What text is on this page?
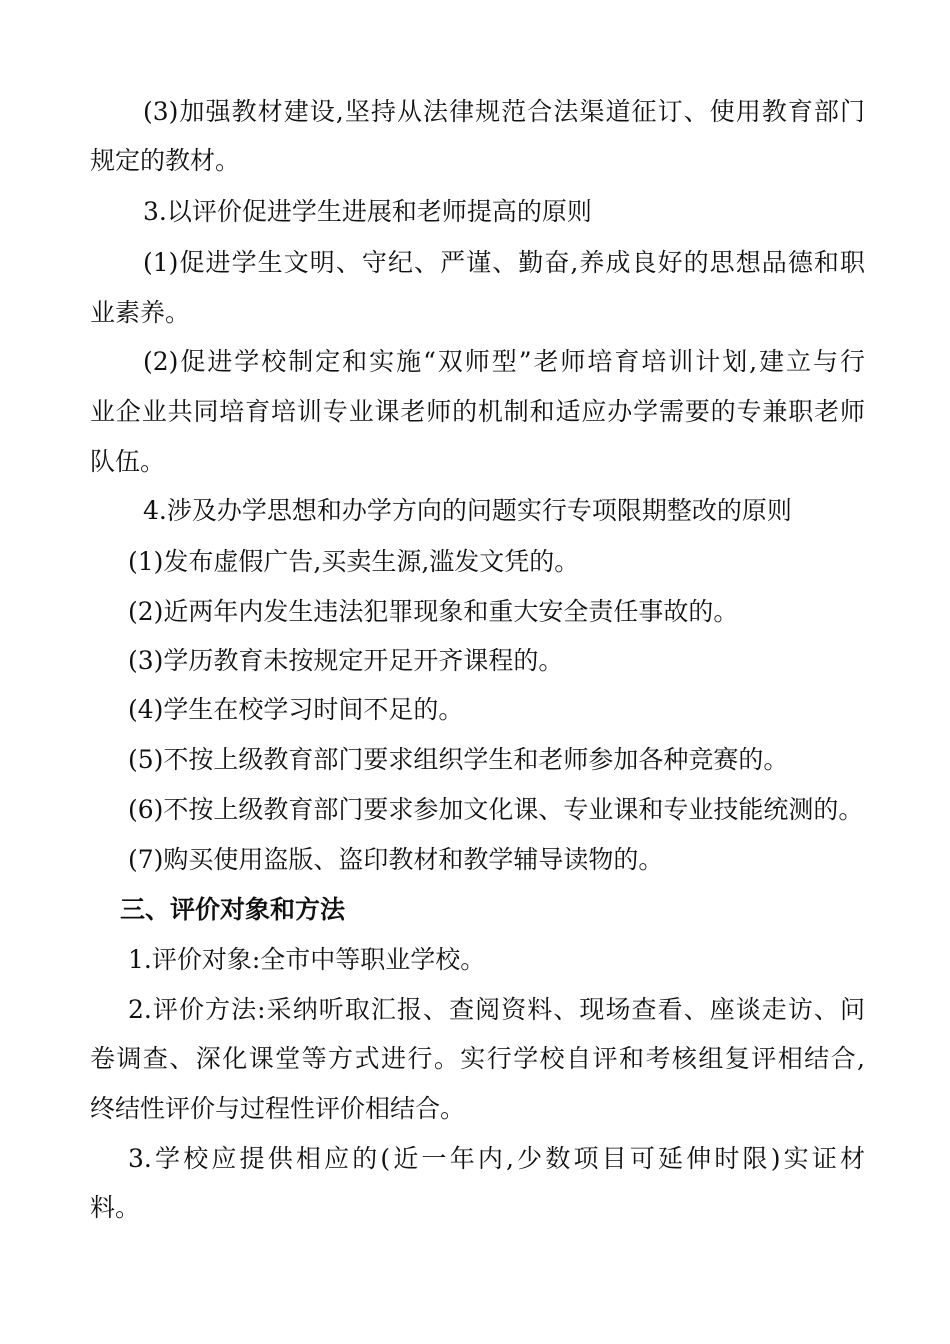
(3)加强教材建设,坚持从法律规范合法渠道征订、使用教育部门
规定的教材。
3.以评价促进学生进展和老师提高的原则
(1)促进学生文明、守纪、严谨、勤奋,养成良好的思想品德和职
业素养。
(2)促进学校制定和实施“双师型”老师培育培训计划,建立与行
业企业共同培育培训专业课老师的机制和适应办学需要的专兼职老师
队伍。
4.涉及办学思想和办学方向的问题实行专项限期整改的原则
(1)发布虚假广告,买卖生源,滥发文凭的。
(2)近两年内发生违法犯罪现象和重大安全责任事故的。
(3)学历教育未按规定开足开齐课程的。
(4)学生在校学习时间不足的。
(5)不按上级教育部门要求组织学生和老师参加各种竞赛的。
(6)不按上级教育部门要求参加文化课、专业课和专业技能统测的。
(7)购买使用盗版、盗印教材和教学辅导读物的。
三、评价对象和方法
1.评价对象:全市中等职业学校。
2.评价方法:采纳听取汇报、查阅资料、现场查看、座谈走访、问
卷调查、深化课堂等方式进行。实行学校自评和考核组复评相结合,
终结性评价与过程性评价相结合。
3.学校应提供相应的(近一年内,少数项目可延伸时限)实证材
料。
